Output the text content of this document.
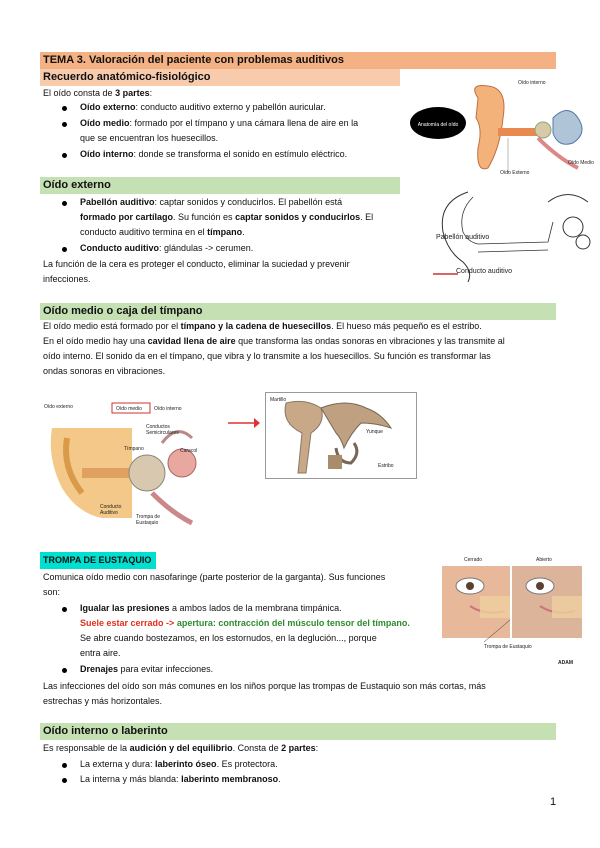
TEMA 3. Valoración del paciente con problemas auditivos
Recuerdo anatómico-fisiológico
El oído consta de 3 partes:
Oído externo: conducto auditivo externo y pabellón auricular.
Oído medio: formado por el tímpano y una cámara llena de aire en la
que se encuentran los huesecillos.
Oído interno: donde se transforma el sonido en estímulo eléctrico.
Anatomía del oído
Oído interno
Oído Externo
Oído Medio
Oído externo
Pabellón auditivo: captar sonidos y conducirlos. El pabellón está
formado por cartílago. Su función es captar sonidos y conducirlos. El
conducto auditivo termina en el tímpano.
Conducto auditivo: glándulas -> cerumen.
La función de la cera es proteger el conducto, eliminar la suciedad y prevenir
infecciones.
Pabellón auditivo
Conducto auditivo
Oído medio o caja del tímpano
El oído medio está formado por el tímpano y la cadena de huesecillos. El hueso más pequeño es el estribo.
En el oído medio hay una cavidad llena de aire que transforma las ondas sonoras en vibraciones y las transmite al
oído interno. El sonido da en el tímpano, que vibra y lo transmite a los huesecillos. Su función es transformar las
ondas sonoras en vibraciones.
Oído externo	Oído medio Oído interno
Conductos Semicirculares
Tímpano	Caracol
Conducto Auditivo
Trompa de Eustaquio
Martillo
Yunque
Estribo
TROMPA DE EUSTAQUIO
Comunica oído medio con nasofaringe (parte posterior de la garganta). Sus funciones
son:
Igualar las presiones a ambos lados de la membrana timpánica.
Suele estar cerrado -> apertura: contracción del músculo tensor del tímpano.
Se abre cuando bostezamos, en los estornudos, en la deglución..., porque
entra aire.
Drenajes para evitar infecciones.
Las infecciones del oído son más comunes en los niños porque las trompas de Eustaquio son más cortas, más
estrechas y más horizontales.
Cerrado	Abierto
Trompa de Eustaquio
ADAM
Oído interno o laberinto
Es responsable de la audición y del equilibrio. Consta de 2 partes:
La externa y dura: laberinto óseo. Es protectora.
La interna y más blanda: laberinto membranoso.
1
